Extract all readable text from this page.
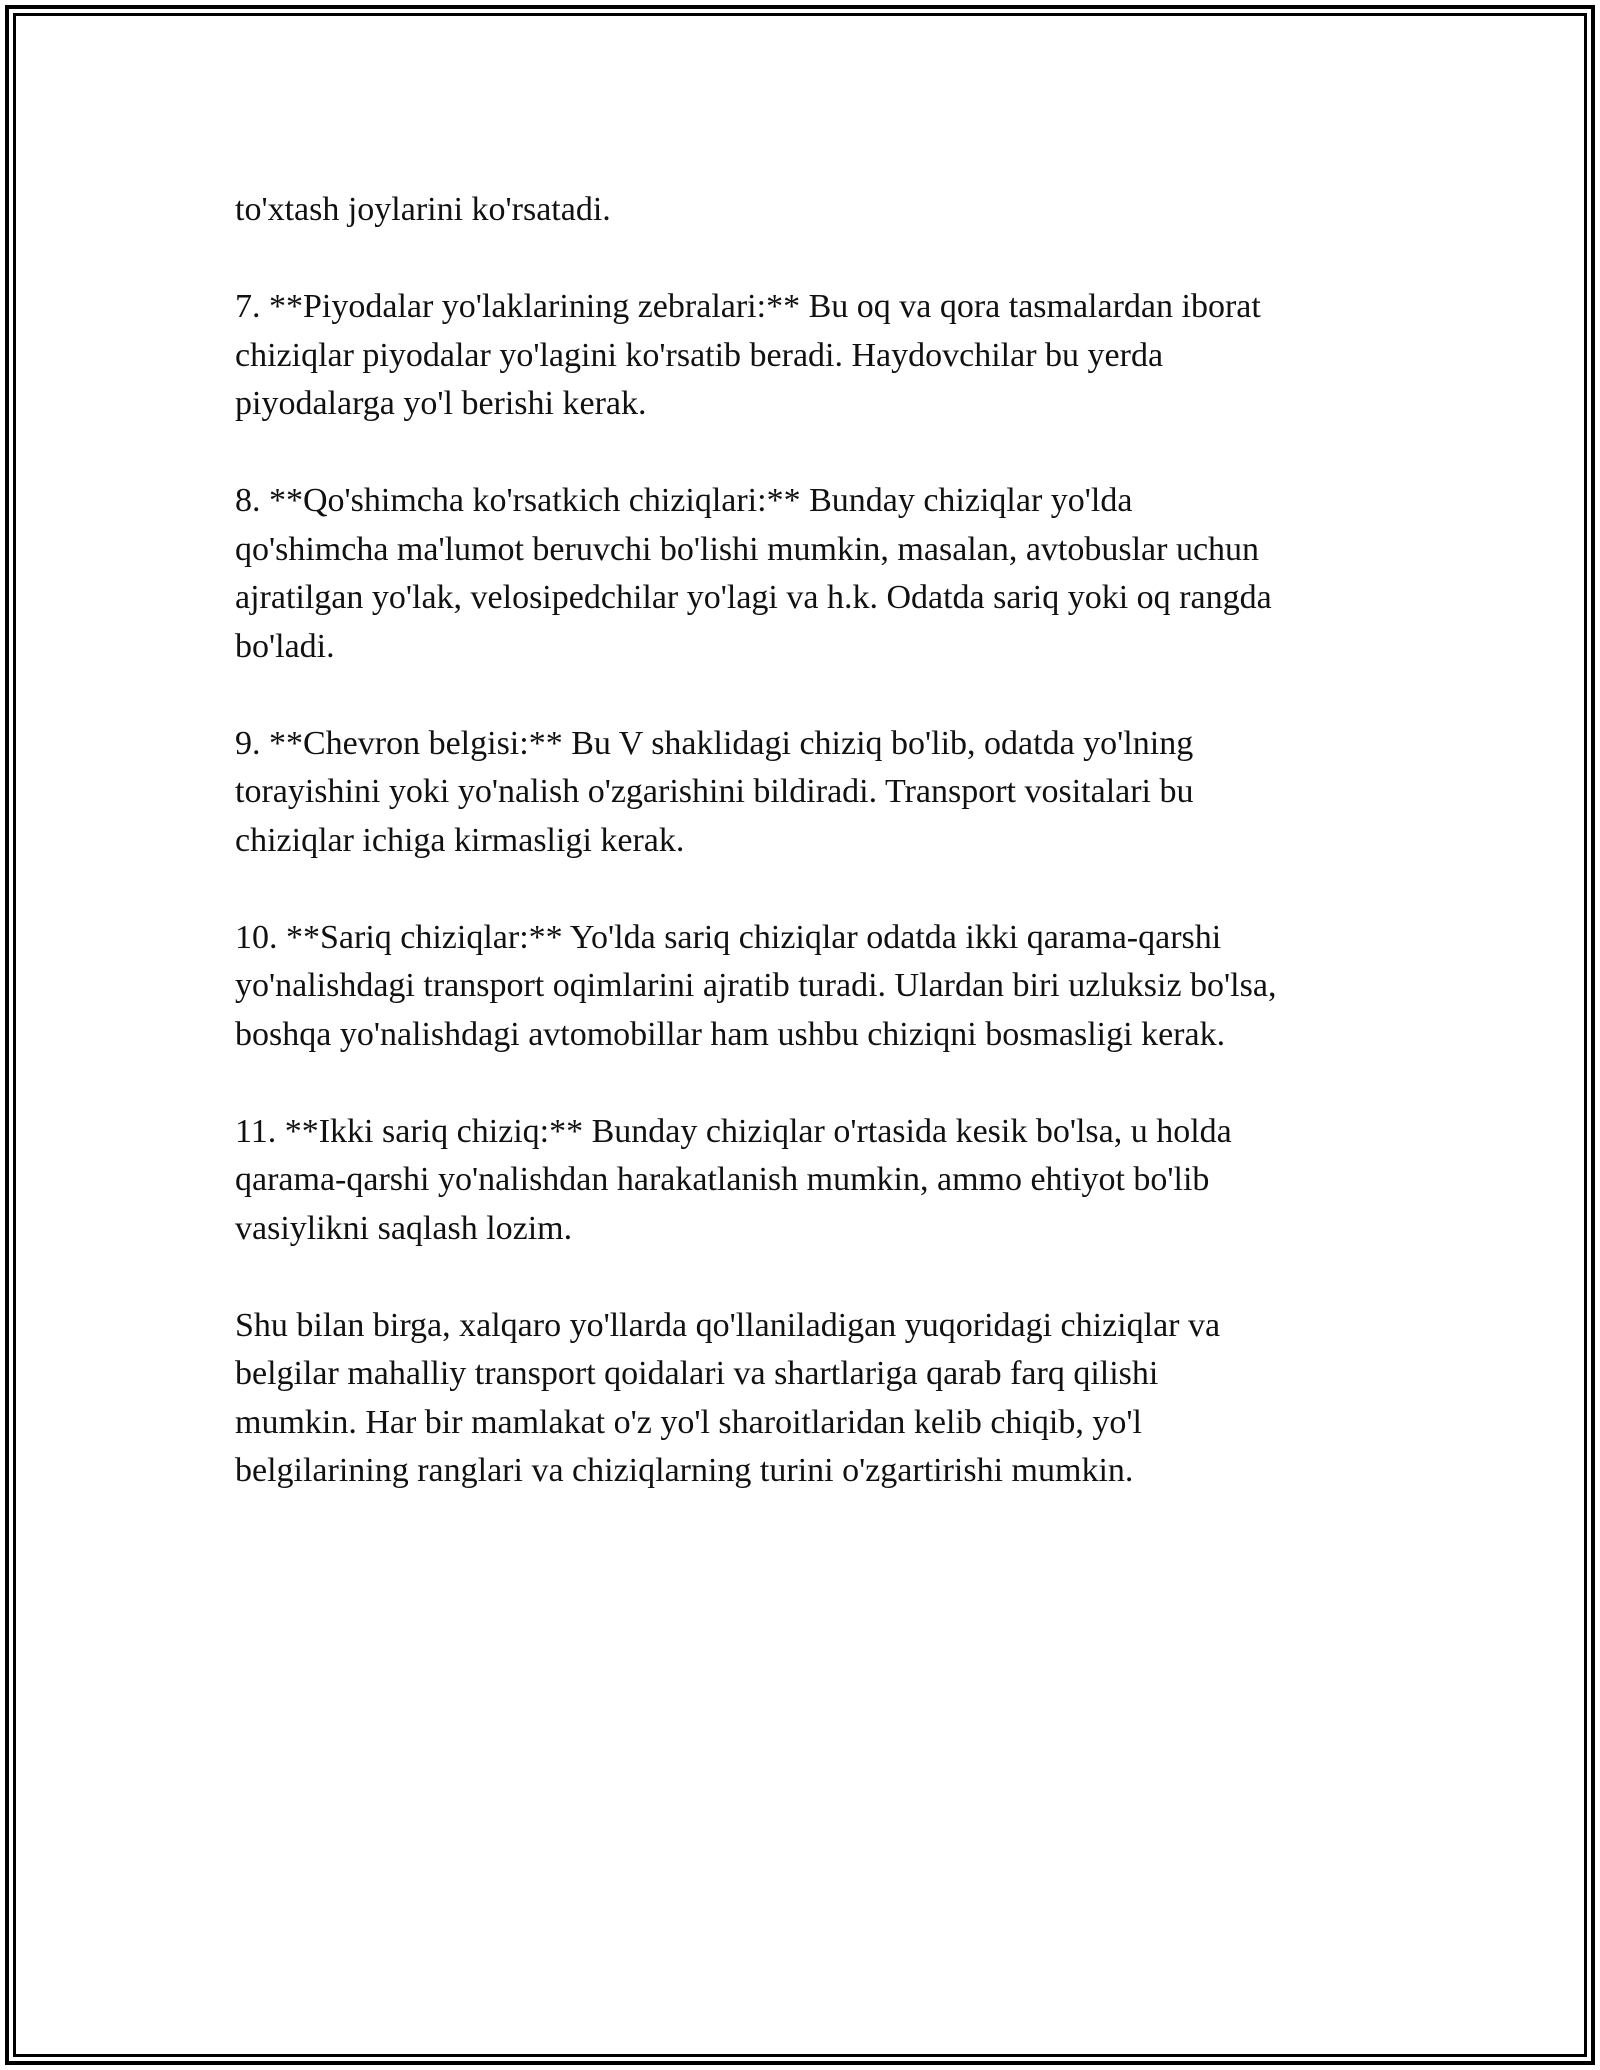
to'xtash joylarini ko'rsatadi.

7. **Piyodalar yo'laklarining zebralari:** Bu oq va qora tasmalardan iborat
chiziqlar piyodalar yo'lagini ko'rsatib beradi. Haydovchilar bu yerda
piyodalarga yo'l berishi kerak.

8. **Qo'shimcha ko'rsatkich chiziqlari:** Bunday chiziqlar yo'lda
qo'shimcha ma'lumot beruvchi bo'lishi mumkin, masalan, avtobuslar uchun
ajratilgan yo'lak, velosipedchilar yo'lagi va h.k. Odatda sariq yoki oq rangda
bo'ladi.

9. **Chevron belgisi:** Bu V shaklidagi chiziq bo'lib, odatda yo'lning
torayishini yoki yo'nalish o'zgarishini bildiradi. Transport vositalari bu
chiziqlar ichiga kirmasligi kerak.

10. **Sariq chiziqlar:** Yo'lda sariq chiziqlar odatda ikki qarama-qarshi
yo'nalishdagi transport oqimlarini ajratib turadi. Ulardan biri uzluksiz bo'lsa,
boshqa yo'nalishdagi avtomobillar ham ushbu chiziqni bosmasligi kerak.

11. **Ikki sariq chiziq:** Bunday chiziqlar o'rtasida kesik bo'lsa, u holda
qarama-qarshi yo'nalishdan harakatlanish mumkin, ammo ehtiyot bo'lib
vasiylikni saqlash lozim.

Shu bilan birga, xalqaro yo'llarda qo'llaniladigan yuqoridagi chiziqlar va
belgilar mahalliy transport qoidalari va shartlariga qarab farq qilishi
mumkin. Har bir mamlakat o'z yo'l sharoitlaridan kelib chiqib, yo'l
belgilarining ranglari va chiziqlarning turini o'zgartirishi mumkin.
